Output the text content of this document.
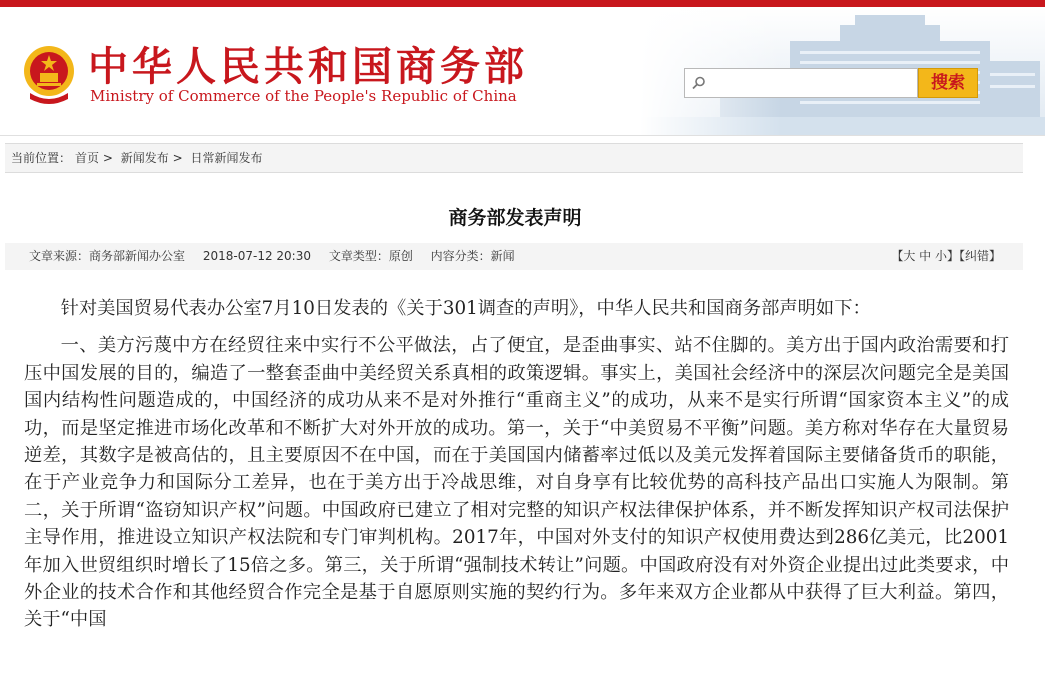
中华人民共和国商务部
Ministry of Commerce of the People's Republic of China
搜索
当前位置： 首页 > 新闻发布 > 日常新闻发布
商务部发表声明
文章来源：商务部新闻办公室 2018-07-12 20:30 文章类型：原创 内容分类：新闻	【大 中 小】【纠错】

针对美国贸易代表办公室7月10日发表的《关于301调查的声明》，中华人民共和国商务部声明如下：

一、美方污蔑中方在经贸往来中实行不公平做法，占了便宜，是歪曲事实、站不住脚的。美方出于国内政治需要和打压中国发展的目的，编造了一整套歪曲中美经贸关系真相的政策逻辑。事实上，美国社会经济中的深层次问题完全是美国国内结构性问题造成的，中国经济的成功从来不是对外推行“重商主义”的成功，从来不是实行所谓“国家资本主义”的成功，而是坚定推进市场化改革和不断扩大对外开放的成功。第一，关于“中美贸易不平衡”问题。美方称对华存在大量贸易逆差，其数字是被高估的，且主要原因不在中国，而在于美国国内储蓄率过低以及美元发挥着国际主要储备货币的职能，在于产业竞争力和国际分工差异，也在于美方出于冷战思维，对自身享有比较优势的高科技产品出口实施人为限制。第二，关于所谓“盗窃知识产权”问题。中国政府已建立了相对完整的知识产权法律保护体系，并不断发挥知识产权司法保护主导作用，推进设立知识产权法院和专门审判机构。2017年，中国对外支付的知识产权使用费达到286亿美元，比2001年加入世贸组织时增长了15倍之多。第三，关于所谓“强制技术转让”问题。中国政府没有对外资企业提出过此类要求，中外企业的技术合作和其他经贸合作完全是基于自愿原则实施的契约行为。多年来双方企业都从中获得了巨大利益。第四，关于“中国
